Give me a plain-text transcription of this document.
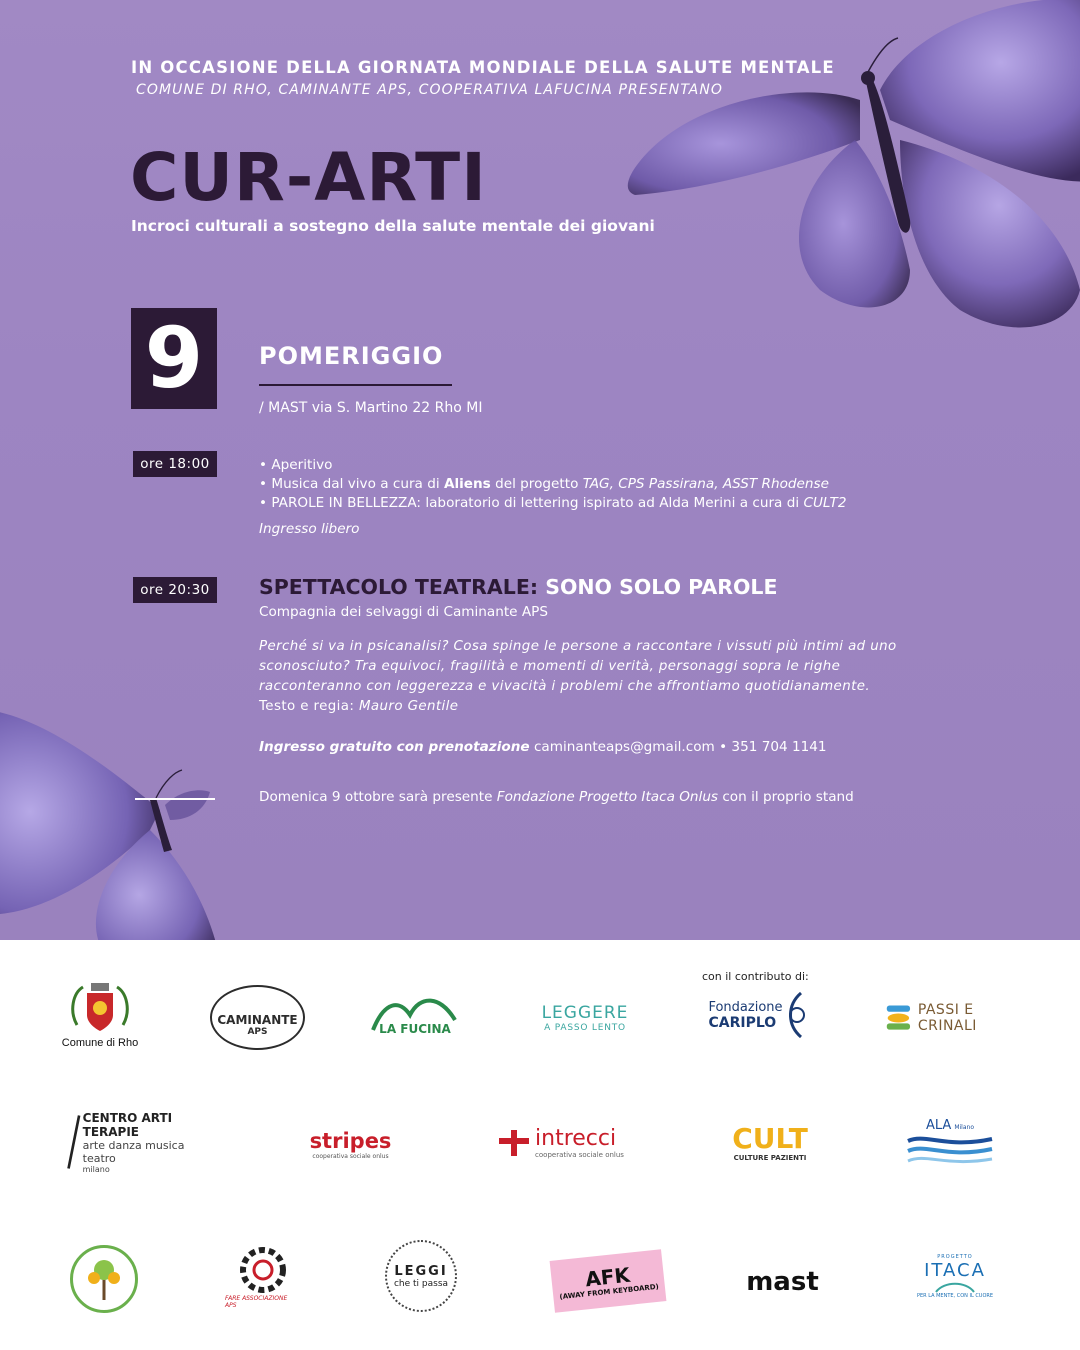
IN OCCASIONE DELLA GIORNATA MONDIALE DELLA SALUTE MENTALE
COMUNE DI RHO, CAMINANTE APS, COOPERATIVA LAFUCINA PRESENTANO
CUR-ARTI
Incroci culturali a sostegno della salute mentale dei giovani
9	POMERIGGIO
/ MAST via S. Martino 22 Rho MI
ore 18:00	• Aperitivo
• Musica dal vivo a cura di Aliens del progetto TAG, CPS Passirana, ASST Rhodense
• PAROLE IN BELLEZZA: laboratorio di lettering ispirato ad Alda Merini a cura di CULT2
Ingresso libero
ore 20:30	SPETTACOLO TEATRALE: SONO SOLO PAROLE
Compagnia dei selvaggi di Caminante APS
Perché si va in psicanalisi? Cosa spinge le persone a raccontare i vissuti più intimi ad uno
sconosciuto? Tra equivoci, fragilità e momenti di verità, personaggi sopra le righe
racconteranno con leggerezza e vivacità i problemi che affrontiamo quotidianamente.
Testo e regia: Mauro Gentile
Ingresso gratuito con prenotazione caminanteaps@gmail.com • 351 704 1141
Domenica 9 ottobre sarà presente Fondazione Progetto Itaca Onlus con il proprio stand
con il contributo di:
Comune di Rho
CAMINANTE
APS	LA FUCINA
LEGGERE
A PASSO LENTO
Fondazione
CARIPLO
PASSI E CRINALI
CENTRO ARTI TERAPIE
arte danza musica teatro
milano
stripes
cooperativa sociale onlus
intrecci
cooperativa sociale onlus	CULT
CULTURE PAZIENTI
ALA Milano
FARE ASSOCIAZIONE APS
LEGGI
che ti passa	AFK
(AWAY FROM KEYBOARD)	mast
PROGETTO
ITACA
PER LA MENTE, CON IL CUORE
